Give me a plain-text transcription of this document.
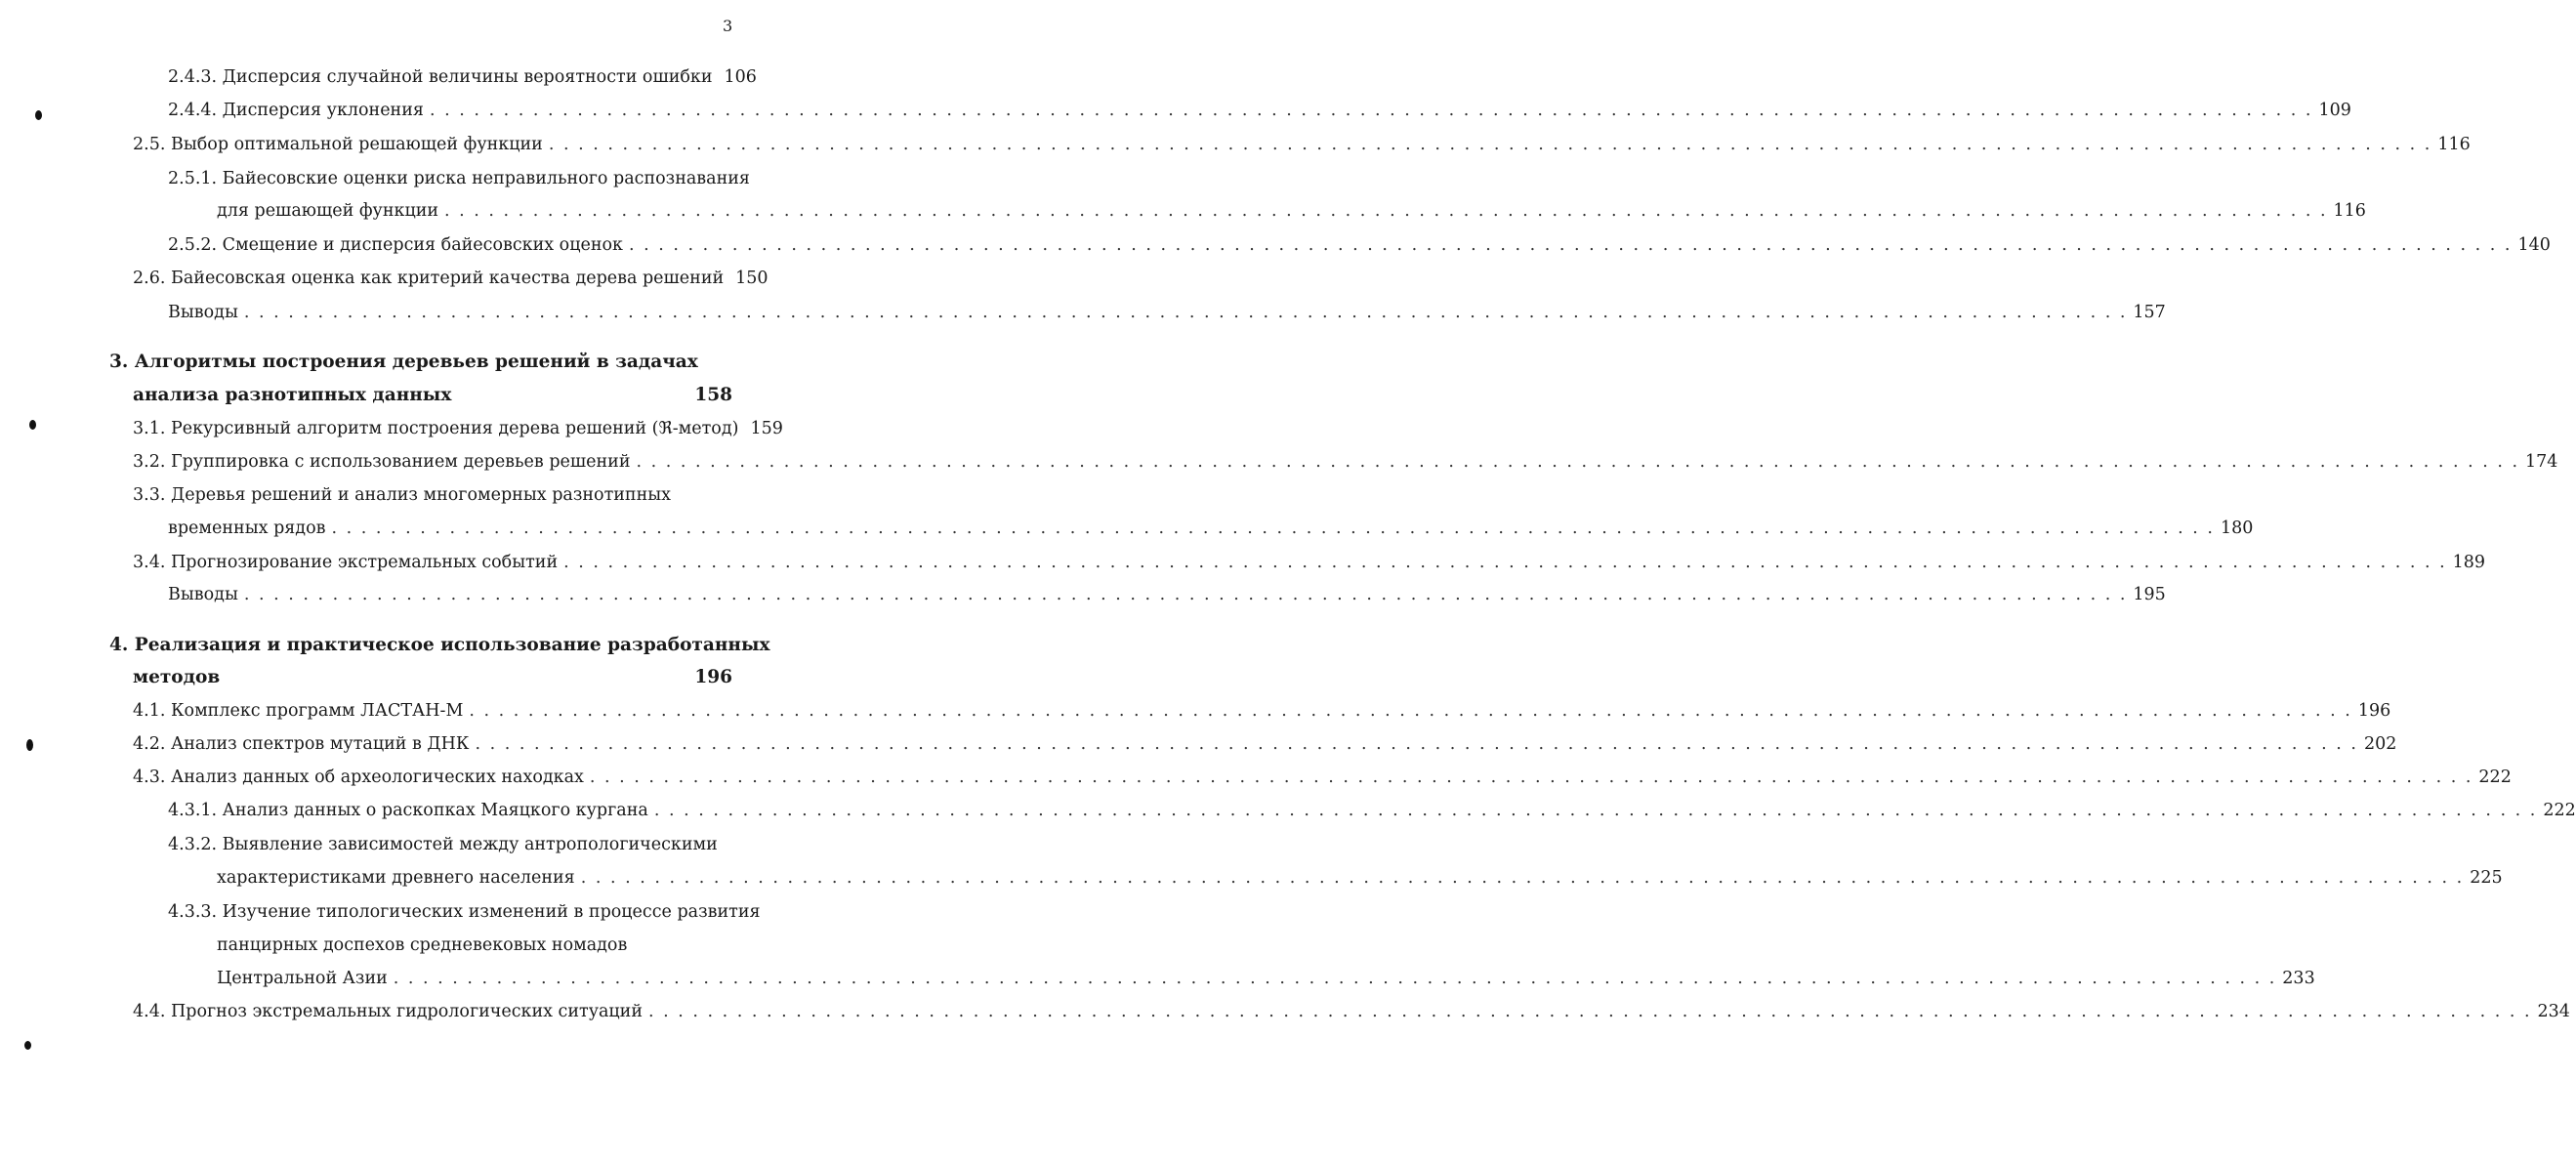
3
2.4.3.
Дисперсия случайной величины вероятности ошибки 106
2.4.4.
Дисперсия уклонения . . .	109
2.5.
Выбор оптимальной решающей функции . . .	116
2.5.1. Байесовские оценки риска неправильного распознавания
для решающей функции . . .	116
2.5.2.
Смещение и дисперсия байесовских оценок . . .	140
2.6.
Байесовская оценка как критерий качества дерева решений 150
Выводы . . .	157
3. Алгоритмы построения деревьев решений в задачах
анализа разнотипных данных	158
3.1.
Рекурсивный алгоритм построения дерева решений (ℜ-метод) 159
3.2.
Группировка с использованием деревьев решений . . .	174
3.3. Деревья решений и анализ многомерных разнотипных
временных рядов . . .	180
3.4.
Прогнозирование экстремальных событий . . .	189
Выводы . . .	195
4. Реализация и практическое использование разработанных
методов	196
4.1.
Комплекс программ ЛАСТАН-М . . .	196
4.2.
Анализ спектров мутаций в ДНК . . .	202
4.3.
Анализ данных об археологических находках . . .	222
4.3.1.
Анализ данных о раскопках Маяцкого кургана . . .	222
4.3.2. Выявление зависимостей между антропологическими
характеристиками древнего населения . . .	225
4.3.3. Изучение типологических изменений в процессе развития
панцирных доспехов средневековых номадов
Центральной Азии . . .	233
4.4.
Прогноз экстремальных гидрологических ситуаций . . .	234
